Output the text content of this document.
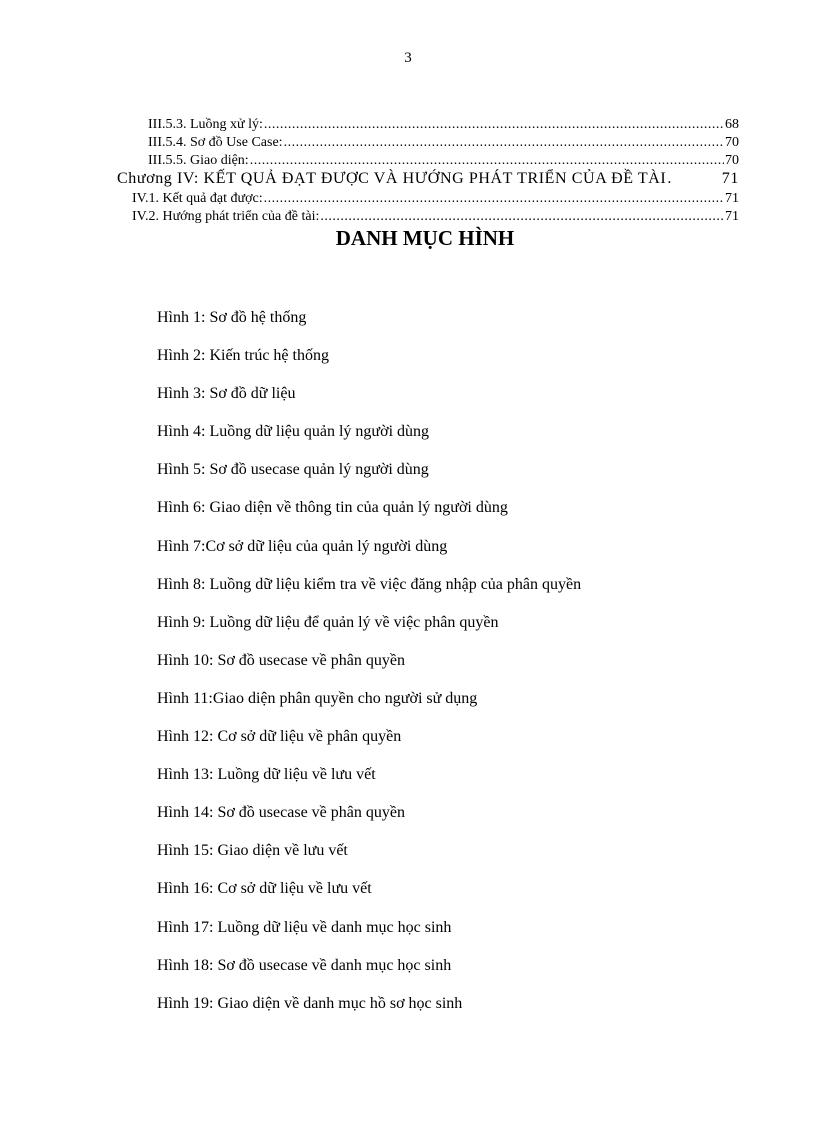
3
III.5.3. Luồng xử lý: .....	68
III.5.4. Sơ đồ Use Case: .....	70
III.5.5. Giao diện: .....	70
Chương IV: KẾT QUẢ ĐẠT ĐƯỢC VÀ HƯỚNG PHÁT TRIỂN CỦA ĐỀ TÀI .	71
IV.1. Kết quả đạt được: .....	71
IV.2. Hướng phát triển của đề tài: .....	71
DANH MỤC HÌNH
Hình 1: Sơ đồ hệ thống
Hình 2: Kiến trúc hệ thống
Hình 3: Sơ đồ dữ liệu
Hình 4: Luồng dữ liệu quản lý người dùng
Hình 5: Sơ đồ usecase quản lý người dùng
Hình 6: Giao diện về thông tin của quản lý người dùng
Hình 7:Cơ sở dữ liệu của quản lý người dùng
Hình 8: Luồng dữ liệu kiểm tra về việc đăng nhập của phân quyền
Hình 9: Luồng dữ liệu để quản lý về việc phân quyền
Hình 10: Sơ đồ usecase về phân quyền
Hình 11:Giao diện phân quyền cho người sử dụng
Hình 12: Cơ sở dữ liệu về phân quyền
Hình 13: Luồng dữ liệu về lưu vết
Hình 14: Sơ đồ usecase về phân quyền
Hình 15: Giao diện về lưu vết
Hình 16: Cơ sở dữ liệu về lưu vết
Hình 17: Luồng dữ liệu về danh mục học sinh
Hình 18: Sơ đồ usecase về danh mục học sinh
Hình 19: Giao diện về danh mục hồ sơ học sinh
